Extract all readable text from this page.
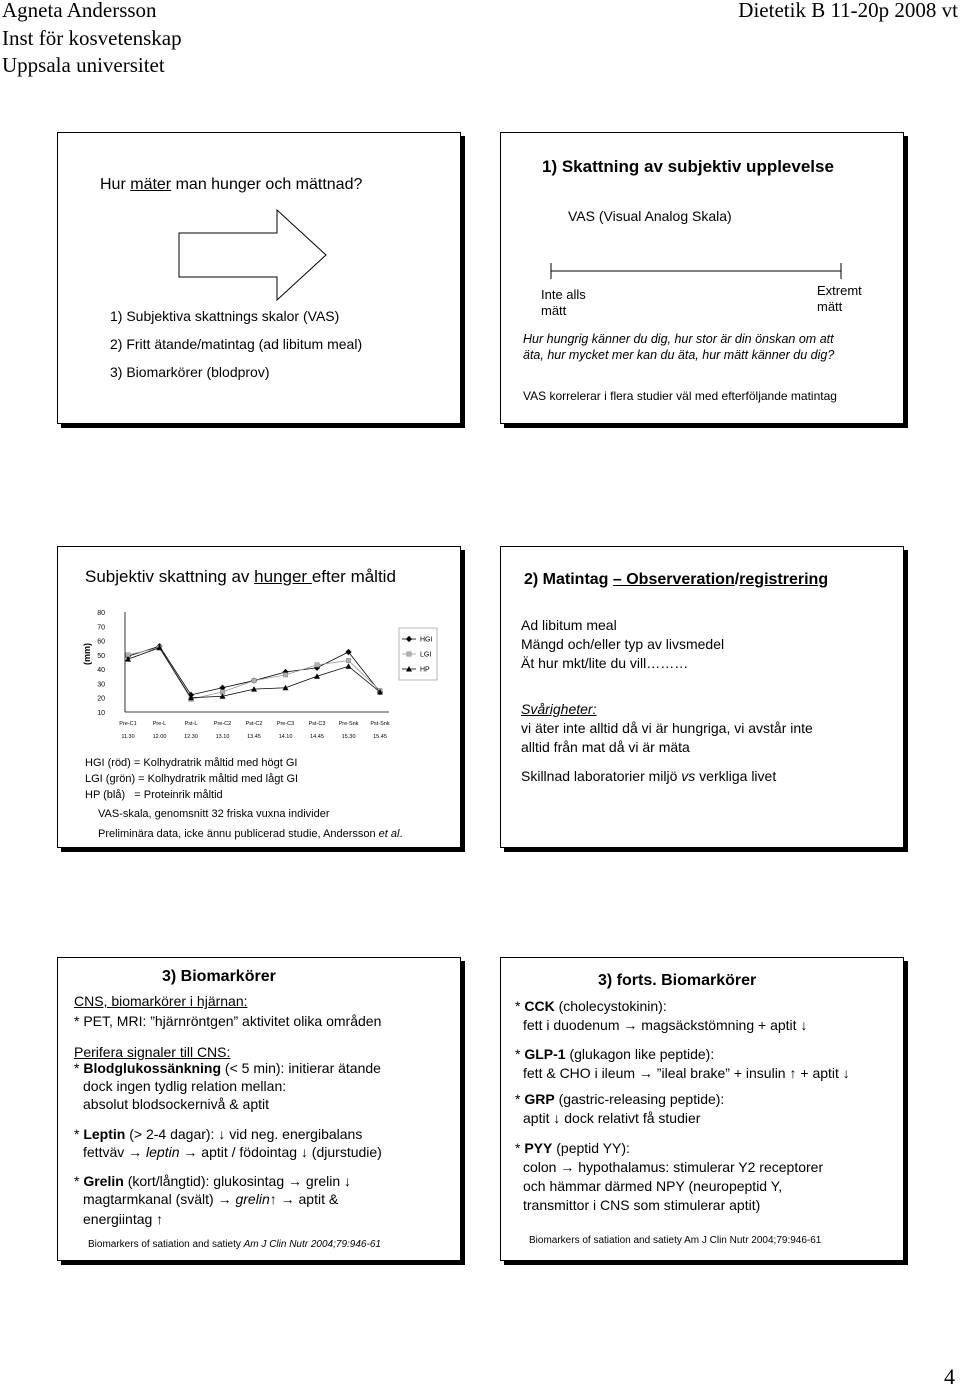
Agneta Andersson	Dietetik B 11-20p 2008 vt
Inst för kosvetenskap
Uppsala universitet
Hur mäter man hunger och mättnad?
1) Subjektiva skattnings skalor (VAS)
2) Fritt ätande/matintag (ad libitum meal)
3) Biomarkörer (blodprov)
1) Skattning av subjektiv upplevelse
VAS (Visual Analog Skala)
Inte alls
mätt
Extremt
mätt
Hur hungrig känner du dig, hur stor är din önskan om att
äta, hur mycket mer kan du äta, hur mätt känner du dig?
VAS korrelerar i flera studier väl med efterföljande matintag
Subjektiv skattning av hunger efter måltid
(mm)
80
70
60
50
40
30
20
10
Pre-C1
11.30
Pre-L
12.00
Pst-L
12.30
Pre-C2
13.10
Pst-C2
13.45
Pre-C3
14.10
Pst-C3
14.45
Pre-Snk
15.30
Pst-Snk
15.45
HGI
LGI
HP
HGI (röd) = Kolhydratrik måltid med högt GI
LGI (grön) = Kolhydratrik måltid med lågt GI
HP (blå)   = Proteinrik måltid
VAS-skala, genomsnitt 32 friska vuxna individer
Preliminära data, icke ännu publicerad studie, Andersson et al.
2) Matintag – Observeration/registrering
Ad libitum meal
Mängd och/eller typ av livsmedel
Ät hur mkt/lite du vill………
Svårigheter:
vi äter inte alltid då vi är hungriga, vi avstår inte
alltid från mat då vi är mäta
Skillnad laboratorier miljö vs verkliga livet
3) Biomarkörer
CNS, biomarkörer i hjärnan:
* PET, MRI: ”hjärnröntgen” aktivitet olika områden
Perifera signaler till CNS:
* Blodglukossänkning (< 5 min): initierar ätande
dock ingen tydlig relation mellan:
absolut blodsockernivå & aptit
* Leptin (> 2-4 dagar): ↓ vid neg. energibalans
fettväv → leptin → aptit / födointag ↓ (djurstudie)
* Grelin (kort/långtid): glukosintag → grelin ↓
magtarmkanal (svält) → grelin↑ → aptit &
energiintag ↑
Biomarkers of satiation and satiety Am J Clin Nutr 2004;79:946-61
3) forts. Biomarkörer
* CCK (cholecystokinin):
fett i duodenum → magsäckstömning + aptit ↓
* GLP-1 (glukagon like peptide):
fett & CHO i ileum → ”ileal brake” + insulin ↑ + aptit ↓
* GRP (gastric-releasing peptide):
aptit ↓ dock relativt få studier
* PYY (peptid YY):
colon → hypothalamus: stimulerar Y2 receptorer
och hämmar därmed NPY (neuropeptid Y,
transmittor i CNS som stimulerar aptit)
Biomarkers of satiation and satiety Am J Clin Nutr 2004;79:946-61
4
